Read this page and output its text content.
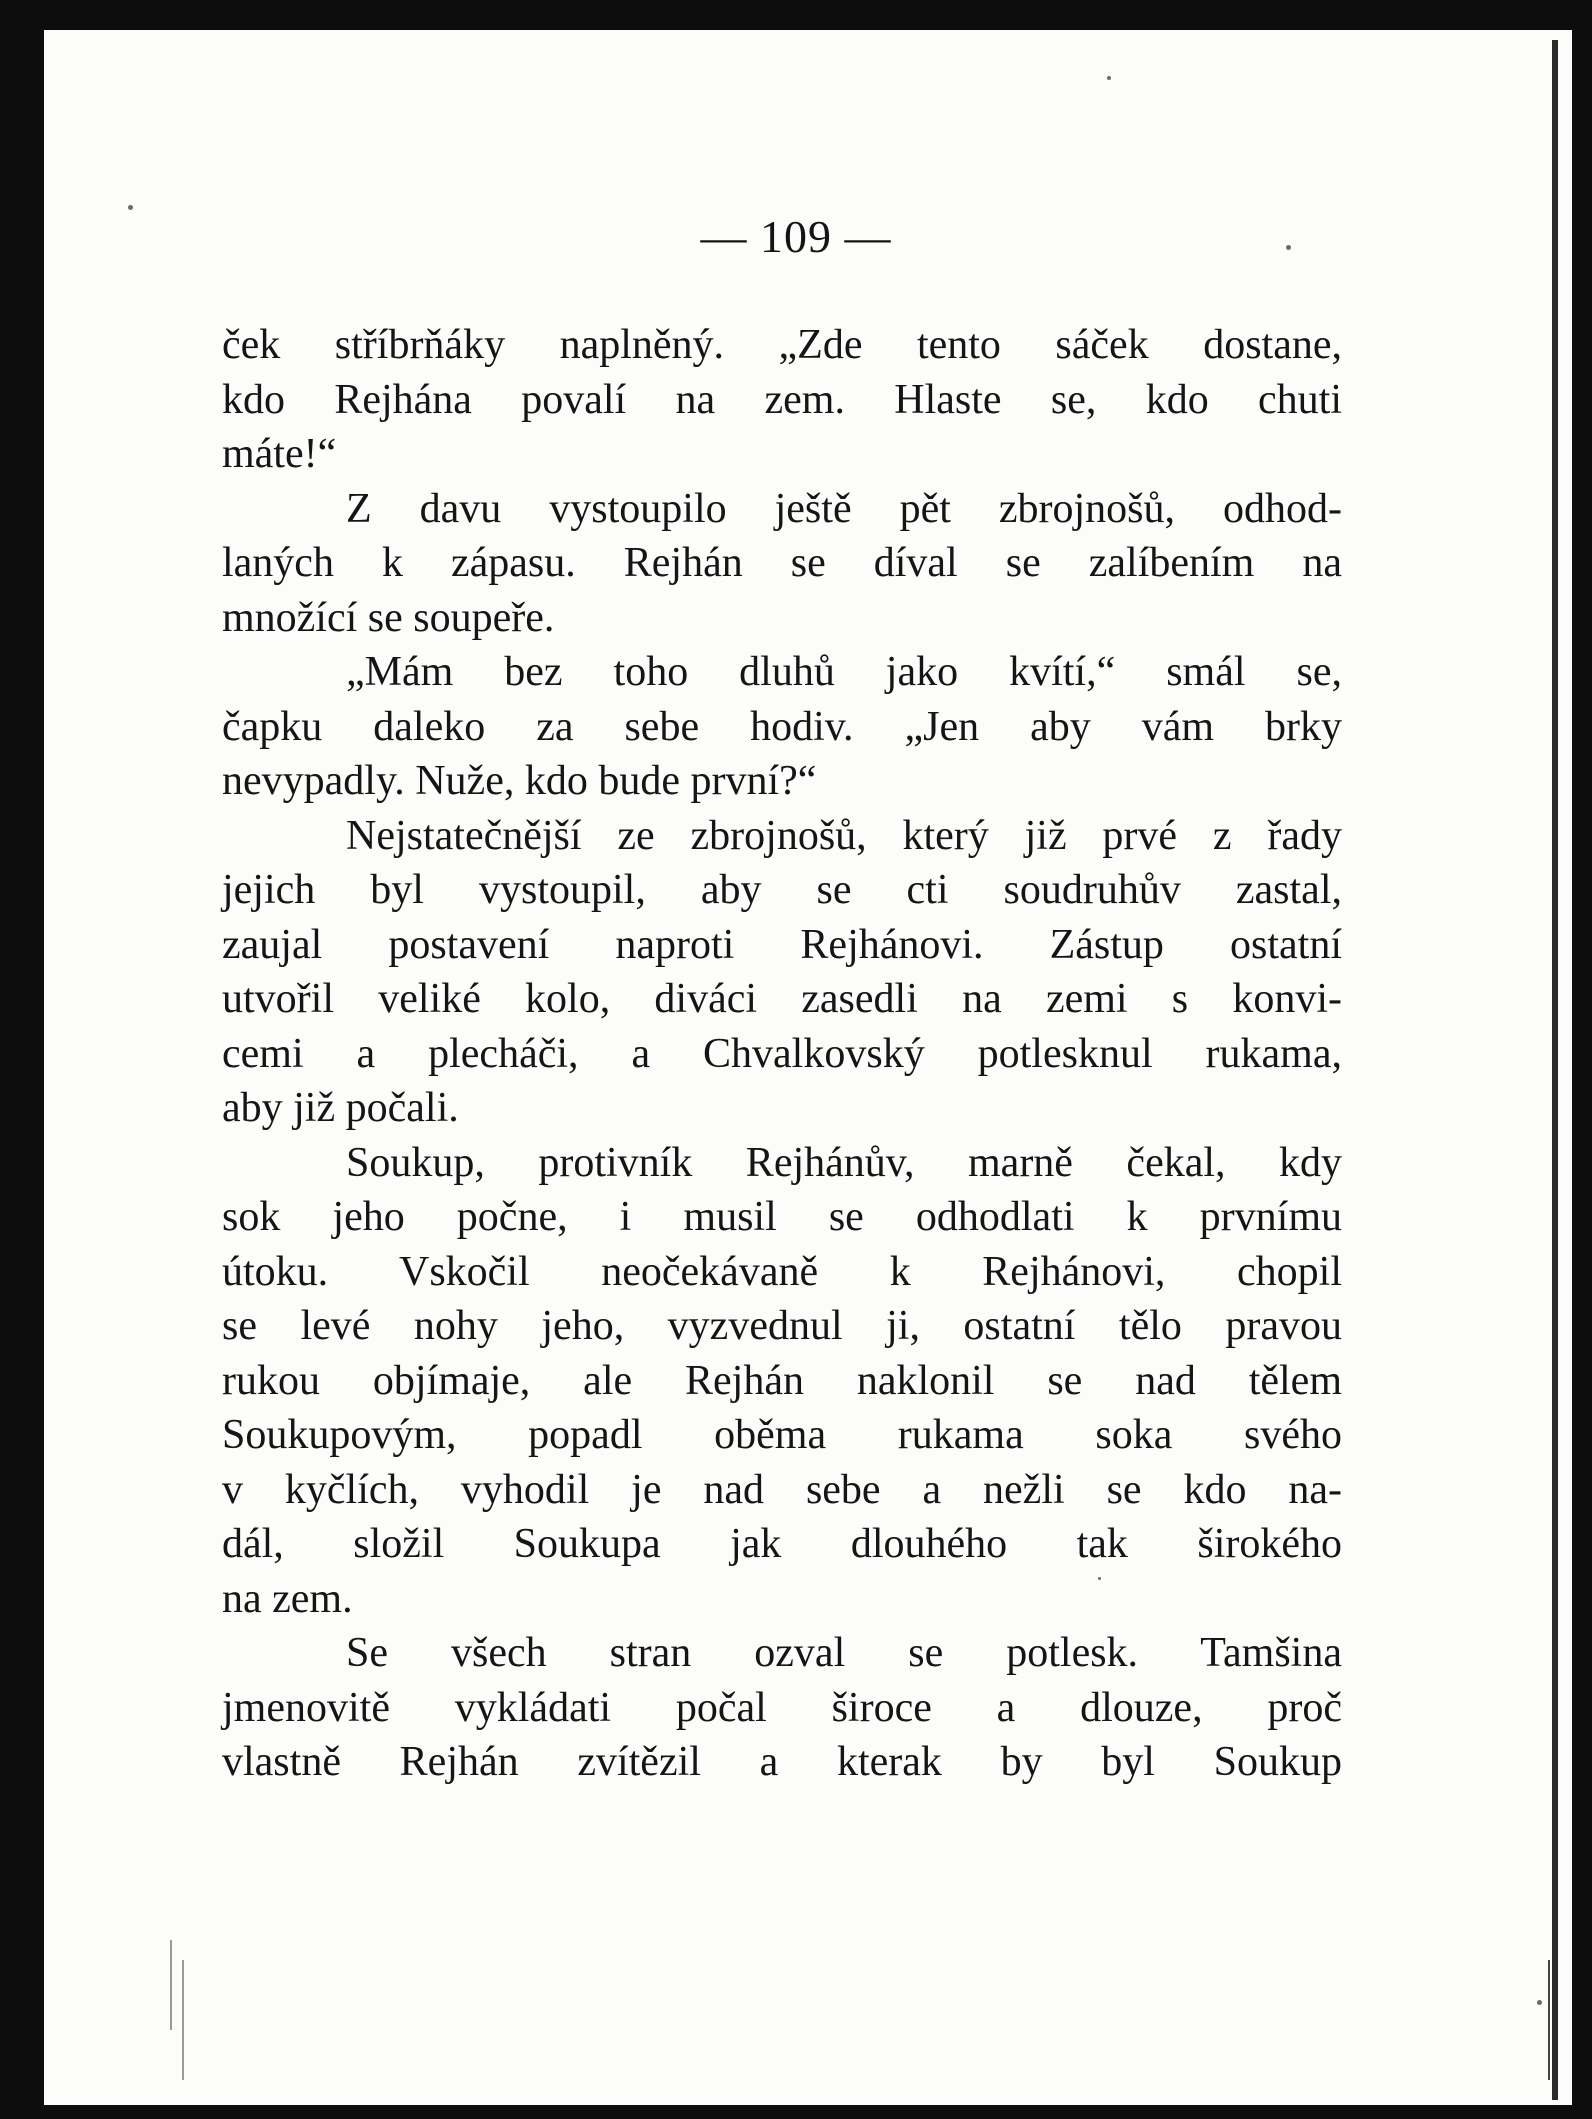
— 109 —
ček stříbrňáky naplněný. „Zde tento sáček dostane,
kdo Rejhána povalí na zem. Hlaste se, kdo chuti
máte!“
Z davu vystoupilo ještě pět zbrojnošů, odhod-
laných k zápasu. Rejhán se díval se zalíbením na
množící se soupeře.
„Mám bez toho dluhů jako kvítí,“ smál se,
čapku daleko za sebe hodiv. „Jen aby vám brky
nevypadly. Nuže, kdo bude první?“
Nejstatečnější ze zbrojnošů, který již prvé z řady
jejich byl vystoupil, aby se cti soudruhův zastal,
zaujal postavení naproti Rejhánovi. Zástup ostatní
utvořil veliké kolo, diváci zasedli na zemi s konvi-
cemi a plecháči, a Chvalkovský potlesknul rukama,
aby již počali.
Soukup, protivník Rejhánův, marně čekal, kdy
sok jeho počne, i musil se odhodlati k prvnímu
útoku. Vskočil neočekávaně k Rejhánovi, chopil
se levé nohy jeho, vyzvednul ji, ostatní tělo pravou
rukou objímaje, ale Rejhán naklonil se nad tělem
Soukupovým, popadl oběma rukama soka svého
v kyčlích, vyhodil je nad sebe a nežli se kdo na-
dál, složil Soukupa jak dlouhého tak širokého
na zem.
Se všech stran ozval se potlesk. Tamšina
jmenovitě vykládati počal široce a dlouze, proč
vlastně Rejhán zvítězil a kterak by byl Soukup
